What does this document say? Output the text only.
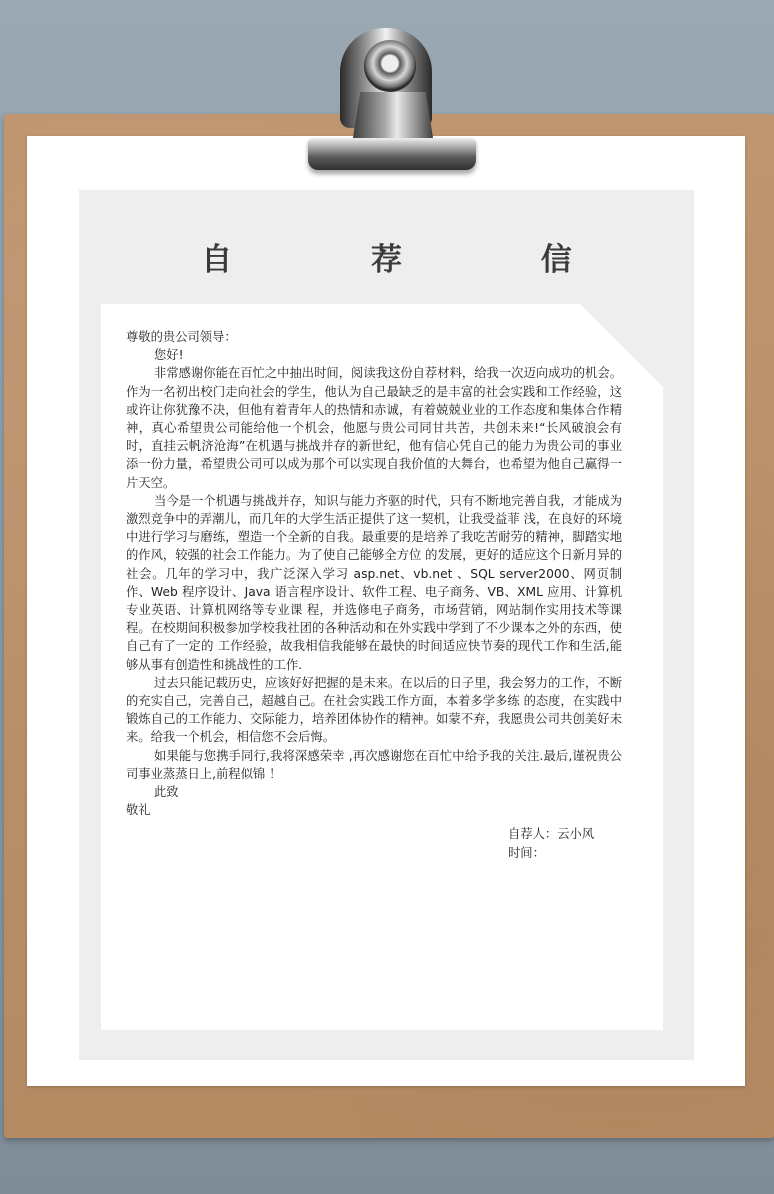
自 荐 信

尊敬的贵公司领导：

您好!

非常感谢你能在百忙之中抽出时间，阅读我这份自荐材料，给我一次迈向成功的机会。作为一名初出校门走向社会的学生，他认为自己最缺乏的是丰富的社会实践和工作经验，这或许让你犹豫不决，但他有着青年人的热情和赤诚，有着兢兢业业的工作态度和集体合作精神，真心希望贵公司能给他一个机会，他愿与贵公司同甘共苦，共创未来!“长风破浪会有时，直挂云帆济沧海”在机遇与挑战并存的新世纪，他有信心凭自己的能力为贵公司的事业添一份力量，希望贵公司可以成为那个可以实现自我价值的大舞台，也希望为他自己赢得一片天空。

当今是一个机遇与挑战并存，知识与能力齐驱的时代，只有不断地完善自我，才能成为激烈竞争中的弄潮儿，而几年的大学生活正提供了这一契机，让我受益菲 浅，在良好的环境中进行学习与磨练，塑造一个全新的自我。最重要的是培养了我吃苦耐劳的精神，脚踏实地的作风，较强的社会工作能力。为了使自己能够全方位 的发展，更好的适应这个日新月异的社会。几年的学习中，我广泛深入学习 asp.net、vb.net 、SQL server2000、网页制作、Web 程序设计、Java 语言程序设计、软件工程、电子商务、VB、XML 应用、计算机专业英语、计算机网络等专业课 程，并选修电子商务，市场营销，网站制作实用技术等课程。在校期间积极参加学校我社团的各种活动和在外实践中学到了不少课本之外的东西，使自己有了一定的 工作经验，故我相信我能够在最快的时间适应快节奏的现代工作和生活,能够从事有创造性和挑战性的工作.

过去只能记载历史，应该好好把握的是未来。在以后的日子里，我会努力的工作，不断的充实自己，完善自己，超越自己。在社会实践工作方面，本着多学多练 的态度，在实践中锻炼自己的工作能力、交际能力，培养团体协作的精神。如蒙不弃，我愿贵公司共创美好未来。给我一个机会，相信您不会后悔。

如果能与您携手同行,我将深感荣幸 ,再次感谢您在百忙中给予我的关注.最后,谨祝贵公司事业蒸蒸日上,前程似锦 ！

此致

敬礼

自荐人：云小风

时间：
